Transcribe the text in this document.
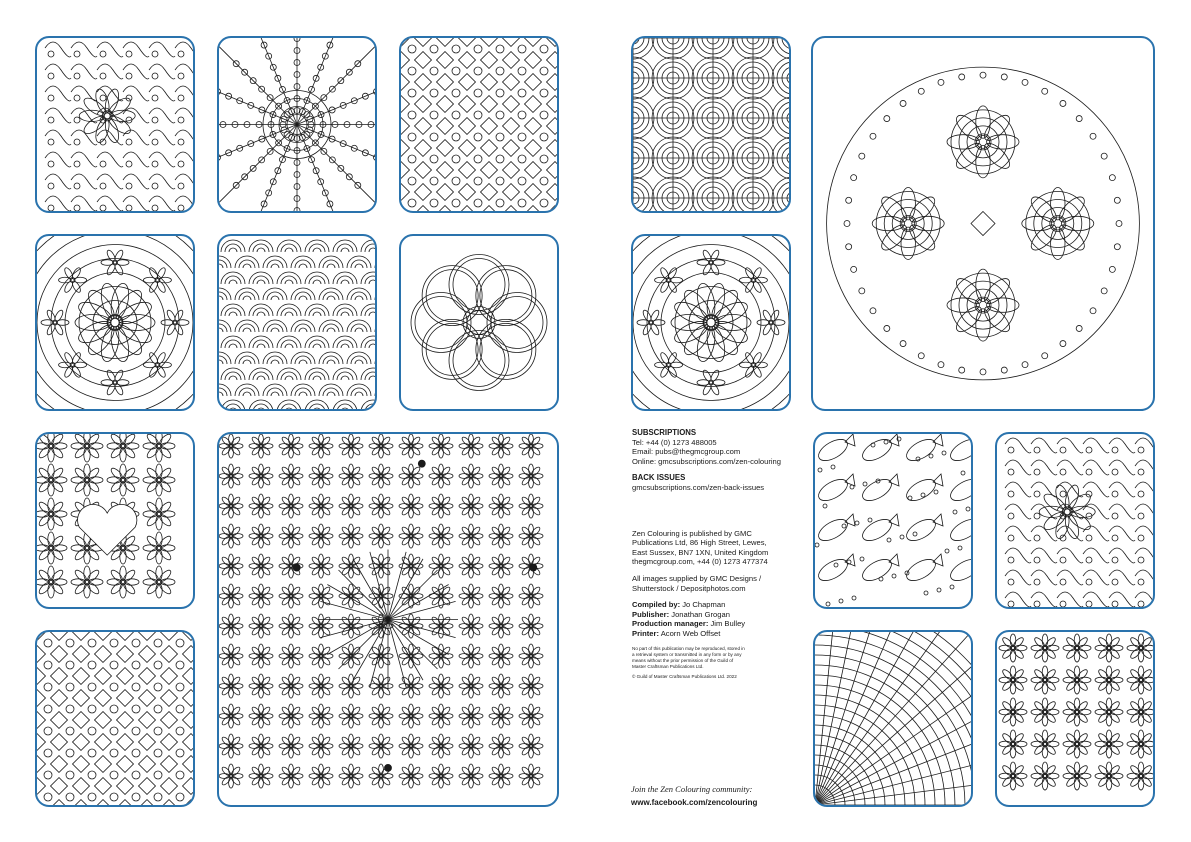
SUBSCRIPTIONS
Tel: +44 (0) 1273 488005
Email: pubs@thegmcgroup.com
Online: gmcsubscriptions.com/zen-colouring
BACK ISSUES
gmcsubscriptions.com/zen-back-issues
Zen Colouring is published by GMC
Publications Ltd, 86 High Street, Lewes,
East Sussex, BN7 1XN, United Kingdom
thegmcgroup.com, +44 (0) 1273 477374
All images supplied by GMC Designs /
Shutterstock / Depositphotos.com
Compiled by: Jo Chapman
Publisher: Jonathan Grogan
Production manager: Jim Bulley
Printer: Acorn Web Offset
No part of this publication may be reproduced, stored in
a retrieval system or transmitted in any form or by any
means without the prior permission of the Guild of
Master Craftsman Publications Ltd.
© Guild of Master Craftsman Publications Ltd. 2022
Join the Zen Colouring community:
www.facebook.com/zencolouring
